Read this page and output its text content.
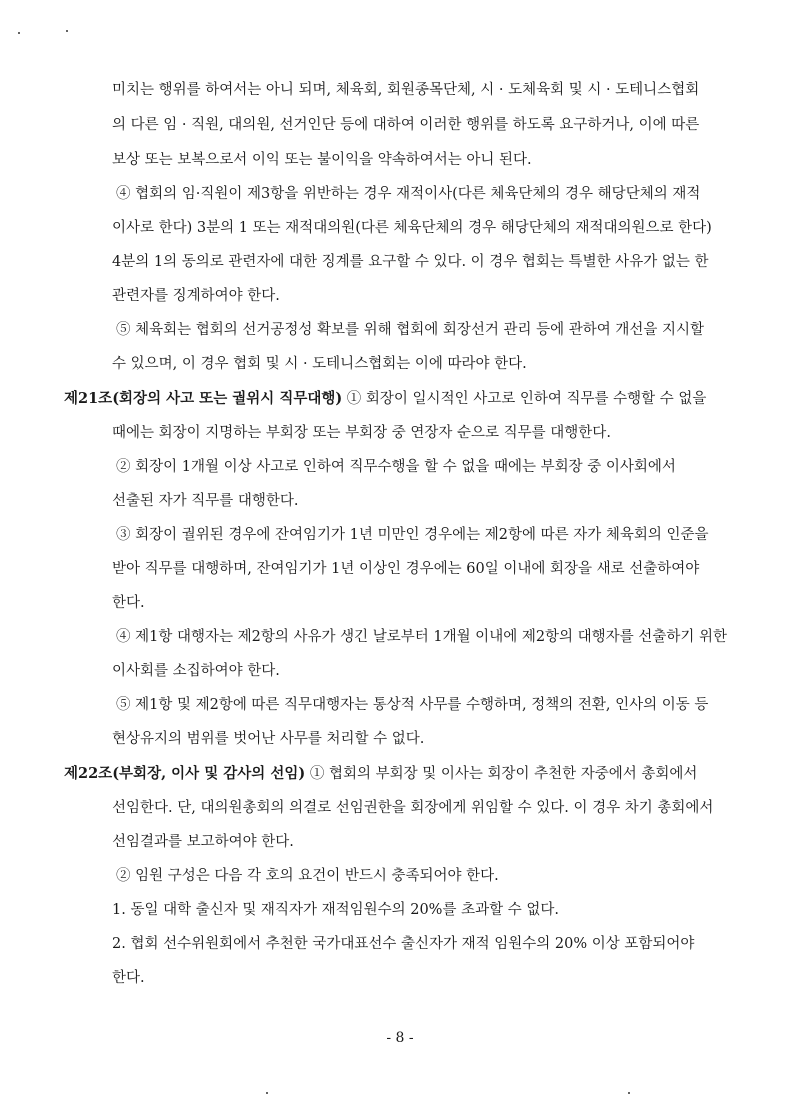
미치는 행위를 하여서는 아니 되며, 체육회, 회원종목단체, 시 · 도체육회 및 시 · 도테니스협회
의 다른 임 · 직원, 대의원, 선거인단 등에 대하여 이러한 행위를 하도록 요구하거나, 이에 따른
보상 또는 보복으로서 이익 또는 불이익을 약속하여서는 아니 된다.
④ 협회의 임·직원이 제3항을 위반하는 경우 재적이사(다른 체육단체의 경우 해당단체의 재적
이사로 한다) 3분의 1 또는 재적대의원(다른 체육단체의 경우 해당단체의 재적대의원으로 한다)
4분의 1의 동의로 관련자에 대한 징계를 요구할 수 있다. 이 경우 협회는 특별한 사유가 없는 한
관련자를 징계하여야 한다.
⑤ 체육회는 협회의 선거공정성 확보를 위해 협회에 회장선거 관리 등에 관하여 개선을 지시할
수 있으며, 이 경우 협회 및 시 · 도테니스협회는 이에 따라야 한다.
제21조(회장의 사고 또는 궐위시 직무대행) ① 회장이 일시적인 사고로 인하여 직무를 수행할 수 없을
때에는 회장이 지명하는 부회장 또는 부회장 중 연장자 순으로 직무를 대행한다.
② 회장이 1개월 이상 사고로 인하여 직무수행을 할 수 없을 때에는 부회장 중 이사회에서
선출된 자가 직무를 대행한다.
③ 회장이 궐위된 경우에 잔여임기가 1년 미만인 경우에는 제2항에 따른 자가 체육회의 인준을
받아 직무를 대행하며, 잔여임기가 1년 이상인 경우에는 60일 이내에 회장을 새로 선출하여야
한다.
④ 제1항 대행자는 제2항의 사유가 생긴 날로부터 1개월 이내에 제2항의 대행자를 선출하기 위한
이사회를 소집하여야 한다.
⑤ 제1항 및 제2항에 따른 직무대행자는 통상적 사무를 수행하며, 정책의 전환, 인사의 이동 등
현상유지의 범위를 벗어난 사무를 처리할 수 없다.
제22조(부회장, 이사 및 감사의 선임) ① 협회의 부회장 및 이사는 회장이 추천한 자중에서 총회에서
선임한다. 단, 대의원총회의 의결로 선임권한을 회장에게 위임할 수 있다. 이 경우 차기 총회에서
선임결과를 보고하여야 한다.
② 임원 구성은 다음 각 호의 요건이 반드시 충족되어야 한다.
1. 동일 대학 출신자 및 재직자가 재적임원수의 20%를 초과할 수 없다.
2. 협회 선수위원회에서 추천한 국가대표선수 출신자가 재적 임원수의 20% 이상 포함되어야
한다.
- 8 -
